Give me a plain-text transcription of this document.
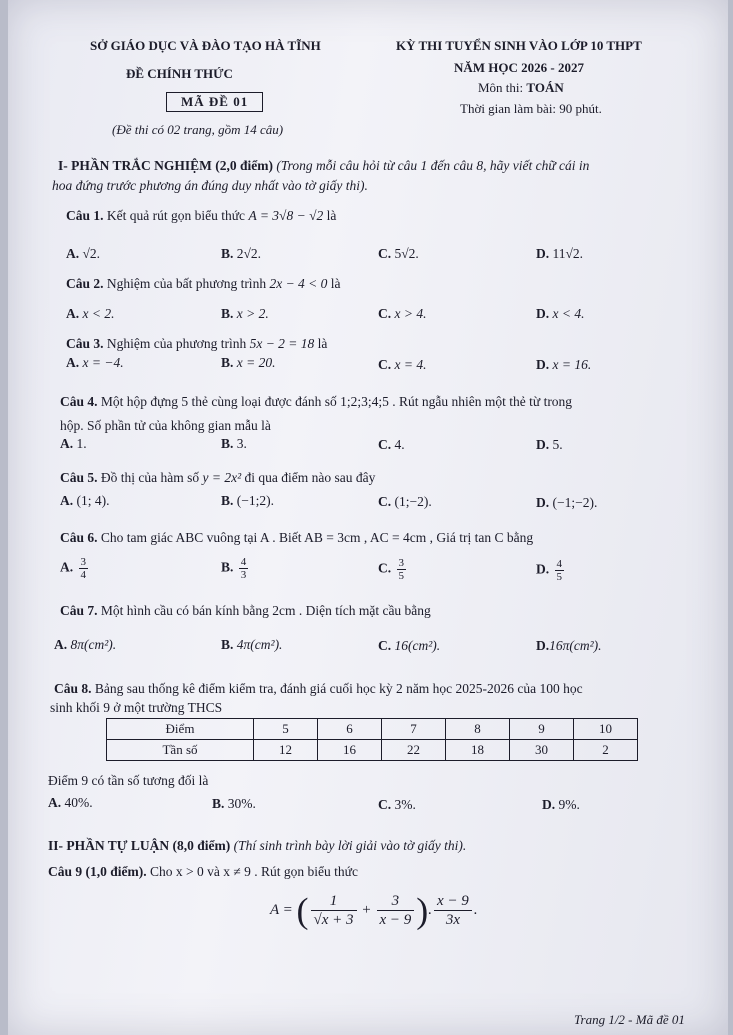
SỞ GIÁO DỤC VÀ ĐÀO TẠO HÀ TĨNH
ĐỀ CHÍNH THỨC
MÃ ĐỀ 01
(Đề thi có 02 trang, gồm 14 câu)
KỲ THI TUYỂN SINH VÀO LỚP 10 THPT
NĂM HỌC 2026 - 2027
Môn thi: TOÁN
Thời gian làm bài: 90 phút.
I- PHẦN TRẮC NGHIỆM (2,0 điểm) (Trong mỗi câu hỏi từ câu 1 đến câu 8, hãy viết chữ cái in
hoa đứng trước phương án đúng duy nhất vào tờ giấy thi).
Câu 1. Kết quả rút gọn biểu thức A = 3√8 − √2 là
A. √2.	B. 2√2.	C. 5√2.	D. 11√2.
Câu 2. Nghiệm của bất phương trình 2x − 4 < 0 là
A. x < 2.	B. x > 2.	C. x > 4.	D. x < 4.
Câu 3. Nghiệm của phương trình 5x − 2 = 18 là
A. x = −4.	B. x = 20.	C. x = 4.	D. x = 16.
Câu 4. Một hộp đựng 5 thẻ cùng loại được đánh số 1;2;3;4;5 . Rút ngẫu nhiên một thẻ từ trong
hộp. Số phần tử của không gian mẫu là
A. 1.	B. 3.	C. 4.	D. 5.
Câu 5. Đồ thị của hàm số y = 2x² đi qua điểm nào sau đây
A. (1; 4).	B. (−1;2).	C. (1;−2).	D. (−1;−2).
Câu 6. Cho tam giác ABC vuông tại A . Biết AB = 3cm , AC = 4cm , Giá trị tan C bằng
A. $\frac{3}{4}$	B. $\frac{4}{3}$	C. $\frac{3}{5}$	D. $\frac{4}{5}$
Câu 7. Một hình cầu có bán kính bằng 2cm . Diện tích mặt cầu bằng
A. 8π(cm²).	B. 4π(cm²).	C. 16(cm²).	D.16π(cm²).
Câu 8. Bảng sau thống kê điểm kiểm tra, đánh giá cuối học kỳ 2 năm học 2025-2026 của 100 học
sinh khối 9 ở một trường THCS
Điểm	5	6	7	8	9	10
Tần số	12	16	22	18	30	2
Điểm 9 có tần số tương đối là
A. 40%.	B. 30%.	C. 3%.	D. 9%.
II- PHẦN TỰ LUẬN (8,0 điểm) (Thí sinh trình bày lời giải vào tờ giấy thi).
Câu 9 (1,0 điểm). Cho x > 0 và x ≠ 9 . Rút gọn biểu thức
A = ( $\frac{1}{√x + 3} + \frac{3}{x - 9}$ ). $\frac{x - 9}{3x}$ .
Trang 1/2 - Mã đề 01
